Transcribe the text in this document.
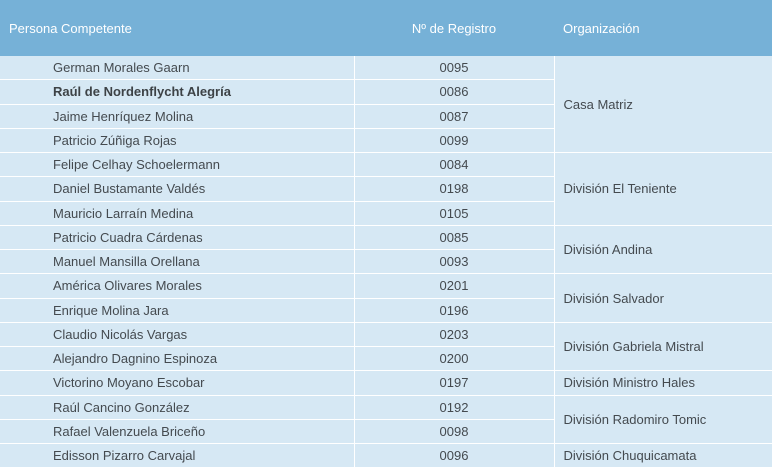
Persona Competente	Nº de Registro	Organización
German Morales Gaarn	0095	Casa Matriz
Raúl de Nordenflycht Alegría	0086	
Jaime Henríquez Molina	0087	
Patricio Zúñiga Rojas	0099	
Felipe Celhay Schoelermann	0084	División El Teniente
Daniel Bustamante Valdés	0198	
Mauricio Larraín Medina	0105	
Patricio Cuadra Cárdenas	0085	División Andina
Manuel Mansilla Orellana	0093	
América Olivares Morales	0201	División Salvador
Enrique Molina Jara	0196	
Claudio Nicolás Vargas	0203	División Gabriela Mistral
Alejandro Dagnino Espinoza	0200	
Victorino Moyano Escobar	0197	División Ministro Hales
Raúl Cancino González	0192	División Radomiro Tomic
Rafael Valenzuela Briceño	0098	
Edisson Pizarro Carvajal	0096	División Chuquicamata
